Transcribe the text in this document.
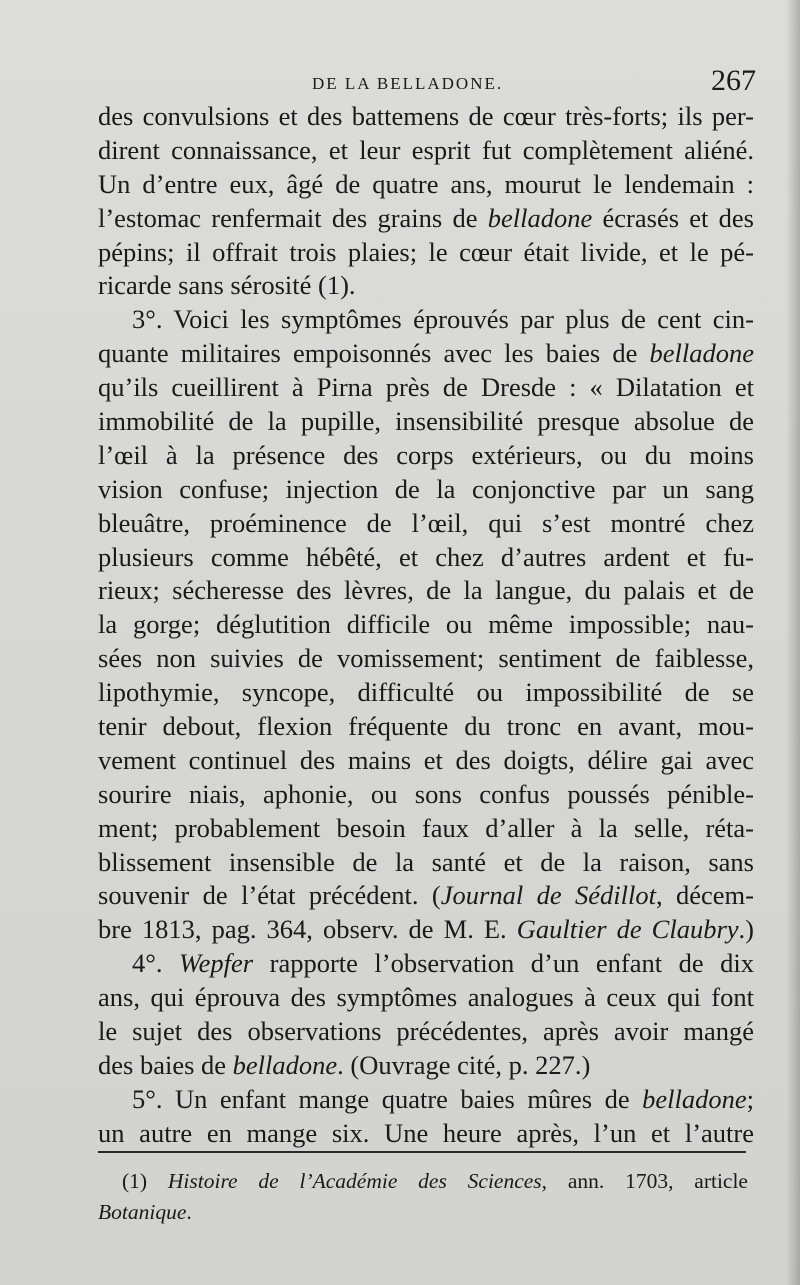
DE LA BELLADONE.	267
des convulsions et des battemens de cœur très-forts; ils per-
dirent connaissance, et leur esprit fut complètement aliéné.
Un d’entre eux, âgé de quatre ans, mourut le lendemain :
l’estomac renfermait des grains de belladone écrasés et des
pépins; il offrait trois plaies; le cœur était livide, et le pé-
ricarde sans sérosité (1).
3°. Voici les symptômes éprouvés par plus de cent cin-
quante militaires empoisonnés avec les baies de belladone
qu’ils cueillirent à Pirna près de Dresde : « Dilatation et
immobilité de la pupille, insensibilité presque absolue de
l’œil à la présence des corps extérieurs, ou du moins
vision confuse; injection de la conjonctive par un sang
bleuâtre, proéminence de l’œil, qui s’est montré chez
plusieurs comme hébêté, et chez d’autres ardent et fu-
rieux; sécheresse des lèvres, de la langue, du palais et de
la gorge; déglutition difficile ou même impossible; nau-
sées non suivies de vomissement; sentiment de faiblesse,
lipothymie, syncope, difficulté ou impossibilité de se
tenir debout, flexion fréquente du tronc en avant, mou-
vement continuel des mains et des doigts, délire gai avec
sourire niais, aphonie, ou sons confus poussés pénible-
ment; probablement besoin faux d’aller à la selle, réta-
blissement insensible de la santé et de la raison, sans
souvenir de l’état précédent. (Journal de Sédillot, décem-
bre 1813, pag. 364, observ. de M. E. Gaultier de Claubry.)
4°. Wepfer rapporte l’observation d’un enfant de dix
ans, qui éprouva des symptômes analogues à ceux qui font
le sujet des observations précédentes, après avoir mangé
des baies de belladone. (Ouvrage cité, p. 227.)
5°. Un enfant mange quatre baies mûres de belladone;
un autre en mange six. Une heure après, l’un et l’autre
(1) Histoire de l’Académie des Sciences, ann. 1703, article
Botanique.
